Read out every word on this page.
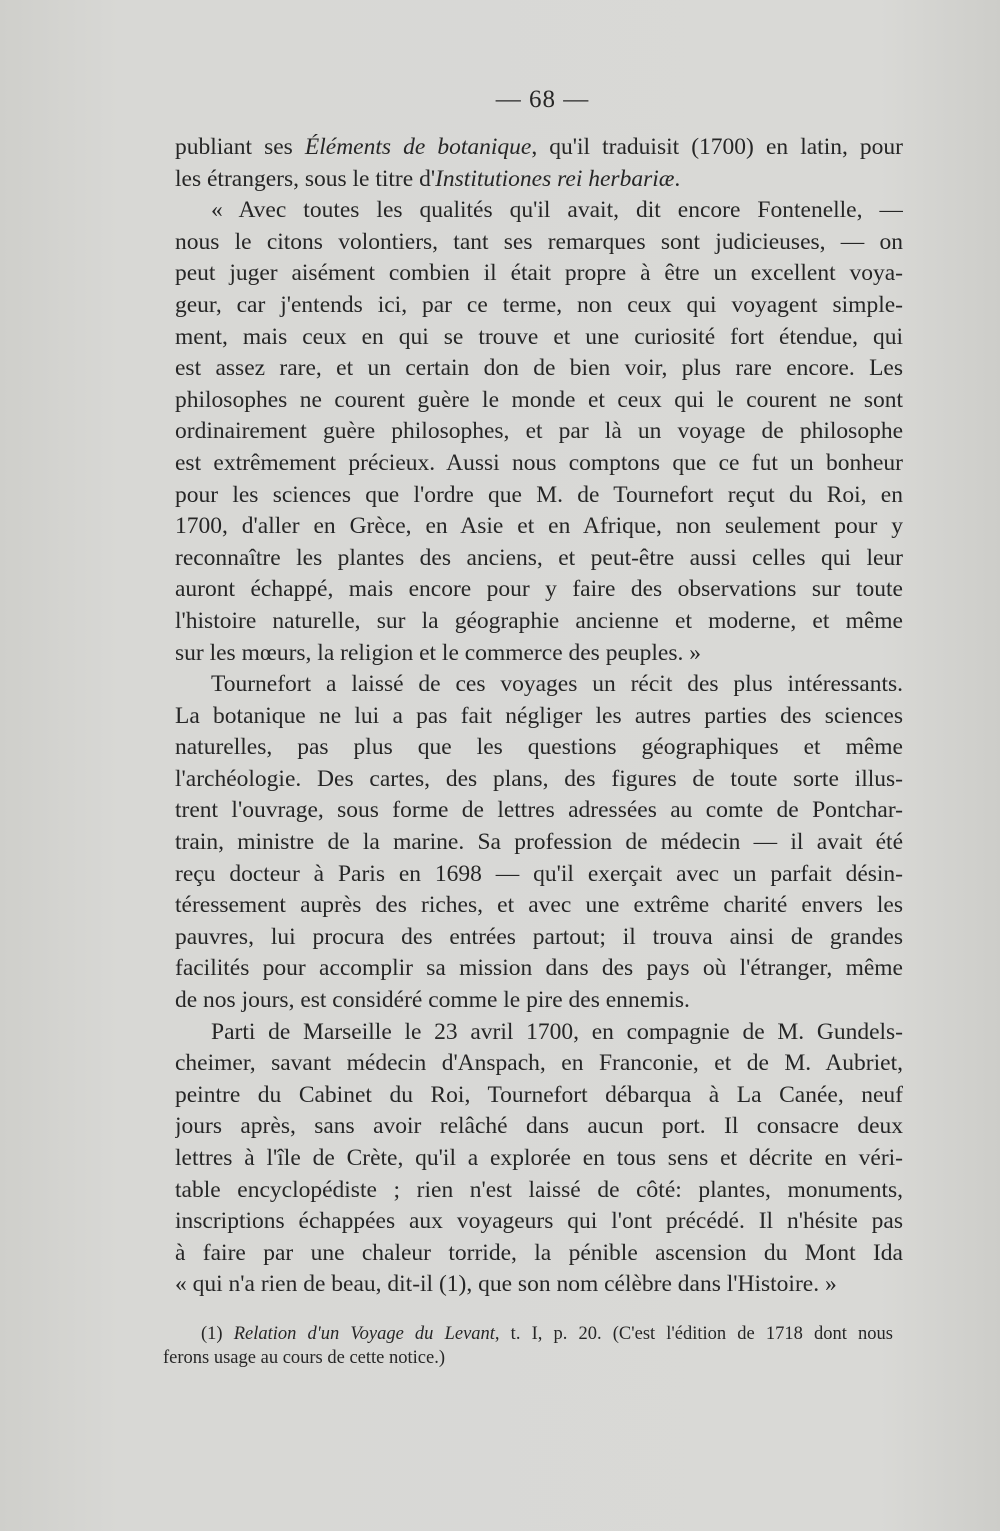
— 68 —
publiant ses Éléments de botanique, qu'il traduisit (1700) en latin, pour
les étrangers, sous le titre d'Institutiones rei herbariæ.
« Avec toutes les qualités qu'il avait, dit encore Fontenelle, —
nous le citons volontiers, tant ses remarques sont judicieuses, — on
peut juger aisément combien il était propre à être un excellent voya-
geur, car j'entends ici, par ce terme, non ceux qui voyagent simple-
ment, mais ceux en qui se trouve et une curiosité fort étendue, qui
est assez rare, et un certain don de bien voir, plus rare encore. Les
philosophes ne courent guère le monde et ceux qui le courent ne sont
ordinairement guère philosophes, et par là un voyage de philosophe
est extrêmement précieux. Aussi nous comptons que ce fut un bonheur
pour les sciences que l'ordre que M. de Tournefort reçut du Roi, en
1700, d'aller en Grèce, en Asie et en Afrique, non seulement pour y
reconnaître les plantes des anciens, et peut-être aussi celles qui leur
auront échappé, mais encore pour y faire des observations sur toute
l'histoire naturelle, sur la géographie ancienne et moderne, et même
sur les mœurs, la religion et le commerce des peuples. »
Tournefort a laissé de ces voyages un récit des plus intéressants.
La botanique ne lui a pas fait négliger les autres parties des sciences
naturelles, pas plus que les questions géographiques et même
l'archéologie. Des cartes, des plans, des figures de toute sorte illus-
trent l'ouvrage, sous forme de lettres adressées au comte de Pontchar-
train, ministre de la marine. Sa profession de médecin — il avait été
reçu docteur à Paris en 1698 — qu'il exerçait avec un parfait désin-
téressement auprès des riches, et avec une extrême charité envers les
pauvres, lui procura des entrées partout; il trouva ainsi de grandes
facilités pour accomplir sa mission dans des pays où l'étranger, même
de nos jours, est considéré comme le pire des ennemis.
Parti de Marseille le 23 avril 1700, en compagnie de M. Gundels-
cheimer, savant médecin d'Anspach, en Franconie, et de M. Aubriet,
peintre du Cabinet du Roi, Tournefort débarqua à La Canée, neuf
jours après, sans avoir relâché dans aucun port. Il consacre deux
lettres à l'île de Crète, qu'il a explorée en tous sens et décrite en véri-
table encyclopédiste ; rien n'est laissé de côté: plantes, monuments,
inscriptions échappées aux voyageurs qui l'ont précédé. Il n'hésite pas
à faire par une chaleur torride, la pénible ascension du Mont Ida
« qui n'a rien de beau, dit-il (1), que son nom célèbre dans l'Histoire. »
(1) Relation d'un Voyage du Levant, t. I, p. 20. (C'est l'édition de 1718 dont nous
ferons usage au cours de cette notice.)
